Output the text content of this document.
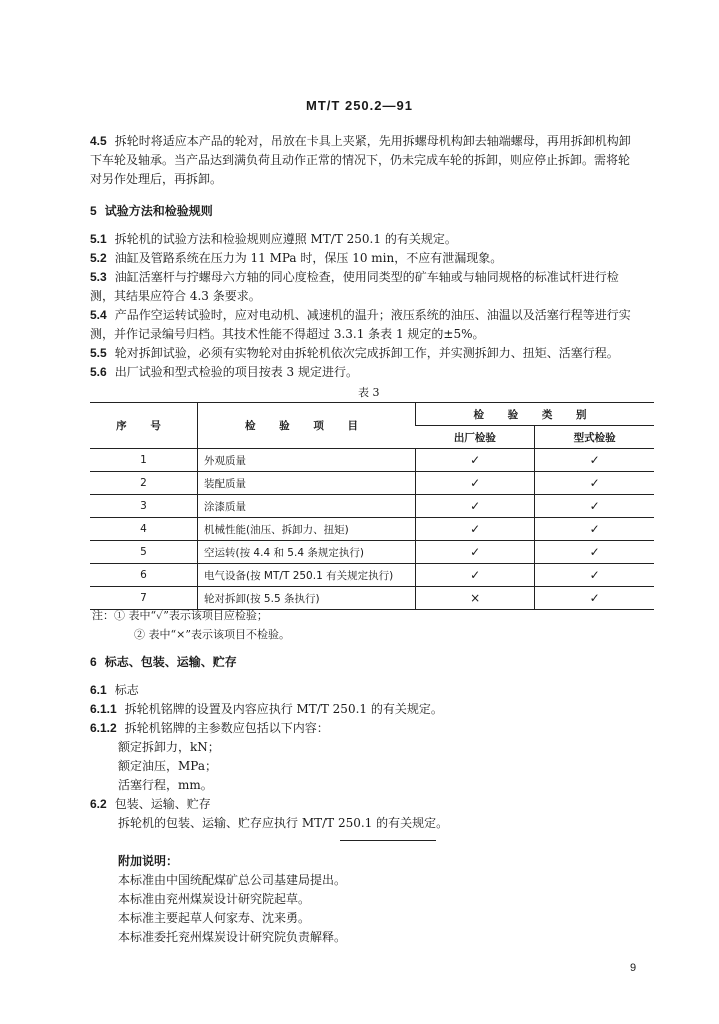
MT/T 250.2—91
4.5 拆轮时将适应本产品的轮对，吊放在卡具上夹紧，先用拆螺母机构卸去轴端螺母，再用拆卸机构卸
下车轮及轴承。当产品达到满负荷且动作正常的情况下，仍未完成车轮的拆卸，则应停止拆卸。需将轮
对另作处理后，再拆卸。
5 试验方法和检验规则
5.1 拆轮机的试验方法和检验规则应遵照 MT/T 250.1 的有关规定。
5.2 油缸及管路系统在压力为 11 MPa 时，保压 10 min，不应有泄漏现象。
5.3 油缸活塞杆与拧螺母六方轴的同心度检查，使用同类型的矿车轴或与轴同规格的标准试杆进行检
测，其结果应符合 4.3 条要求。
5.4 产品作空运转试验时，应对电动机、减速机的温升；液压系统的油压、油温以及活塞行程等进行实
测，并作记录编号归档。其技术性能不得超过 3.3.1 条表 1 规定的±5%。
5.5 轮对拆卸试验，必须有实物轮对由拆轮机依次完成拆卸工作，并实测拆卸力、扭矩、活塞行程。
5.6 出厂试验和型式检验的项目按表 3 规定进行。
表 3
序 号	检 验 项 目	检 验 类 别	
		出厂检验	型式检验
1	外观质量	✓	✓
2	装配质量	✓	✓
3	涂漆质量	✓	✓
4	机械性能(油压、拆卸力、扭矩)	✓	✓
5	空运转(按 4.4 和 5.4 条规定执行)	✓	✓
6	电气设备(按 MT/T 250.1 有关规定执行)	✓	✓
7	轮对拆卸(按 5.5 条执行)	×	✓
注：① 表中“✓”表示该项目应检验；
② 表中“×”表示该项目不检验。
6 标志、包装、运输、贮存
6.1 标志
6.1.1 拆轮机铭牌的设置及内容应执行 MT/T 250.1 的有关规定。
6.1.2 拆轮机铭牌的主参数应包括以下内容：
额定拆卸力，kN；
额定油压，MPa；
活塞行程，mm。
6.2 包装、运输、贮存
拆轮机的包装、运输、贮存应执行 MT/T 250.1 的有关规定。
附加说明：
本标准由中国统配煤矿总公司基建局提出。
本标准由兖州煤炭设计研究院起草。
本标准主要起草人何家寿、沈来勇。
本标准委托兖州煤炭设计研究院负责解释。
9
